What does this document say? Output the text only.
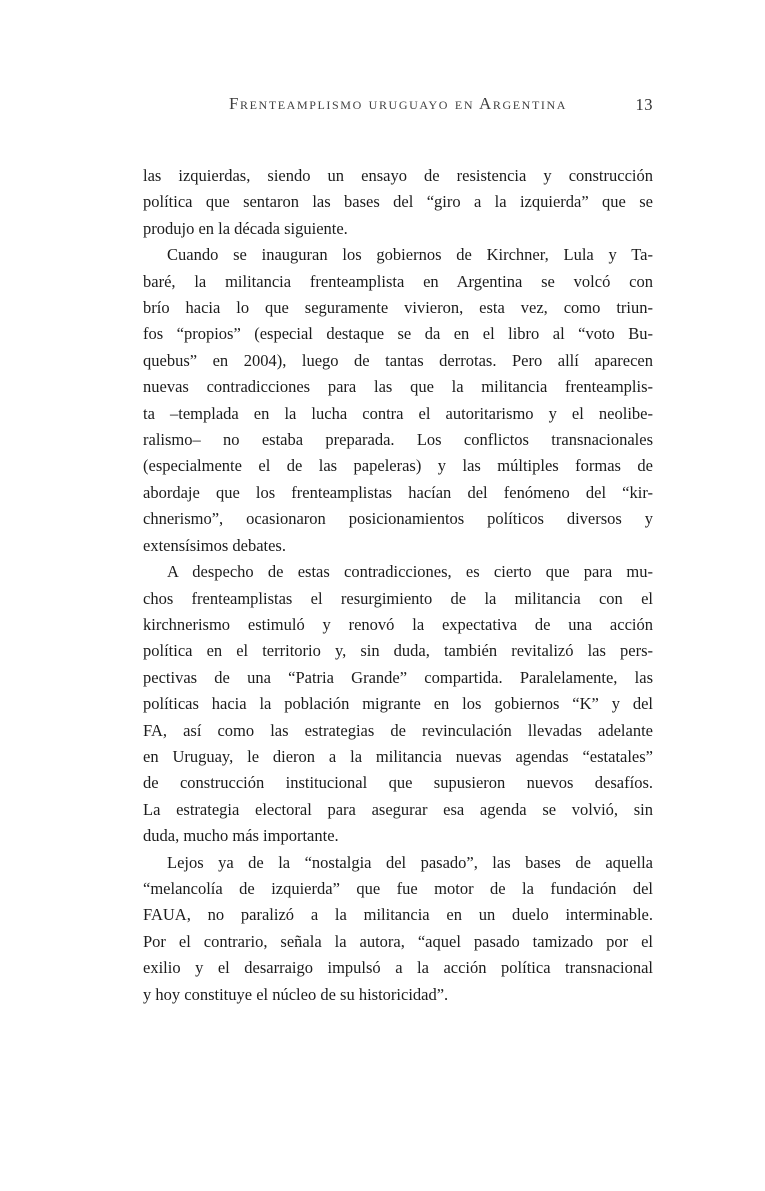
Frenteamplismo uruguayo en Argentina	13
las izquierdas, siendo un ensayo de resistencia y construcción
política que sentaron las bases del “giro a la izquierda” que se
produjo en la década siguiente.
Cuando se inauguran los gobiernos de Kirchner, Lula y Ta-
baré, la militancia frenteamplista en Argentina se volcó con
brío hacia lo que seguramente vivieron, esta vez, como triun-
fos “propios” (especial destaque se da en el libro al “voto Bu-
quebus” en 2004), luego de tantas derrotas. Pero allí aparecen
nuevas contradicciones para las que la militancia frenteamplis-
ta –templada en la lucha contra el autoritarismo y el neolibe-
ralismo– no estaba preparada. Los conflictos transnacionales
(especialmente el de las papeleras) y las múltiples formas de
abordaje que los frenteamplistas hacían del fenómeno del “kir-
chnerismo”, ocasionaron posicionamientos políticos diversos y
extensísimos debates.
A despecho de estas contradicciones, es cierto que para mu-
chos frenteamplistas el resurgimiento de la militancia con el
kirchnerismo estimuló y renovó la expectativa de una acción
política en el territorio y, sin duda, también revitalizó las pers-
pectivas de una “Patria Grande” compartida. Paralelamente, las
políticas hacia la población migrante en los gobiernos “K” y del
FA, así como las estrategias de revinculación llevadas adelante
en Uruguay, le dieron a la militancia nuevas agendas “estatales”
de construcción institucional que supusieron nuevos desafíos.
La estrategia electoral para asegurar esa agenda se volvió, sin
duda, mucho más importante.
Lejos ya de la “nostalgia del pasado”, las bases de aquella
“melancolía de izquierda” que fue motor de la fundación del
FAUA, no paralizó a la militancia en un duelo interminable.
Por el contrario, señala la autora, “aquel pasado tamizado por el
exilio y el desarraigo impulsó a la acción política transnacional
y hoy constituye el núcleo de su historicidad”.
